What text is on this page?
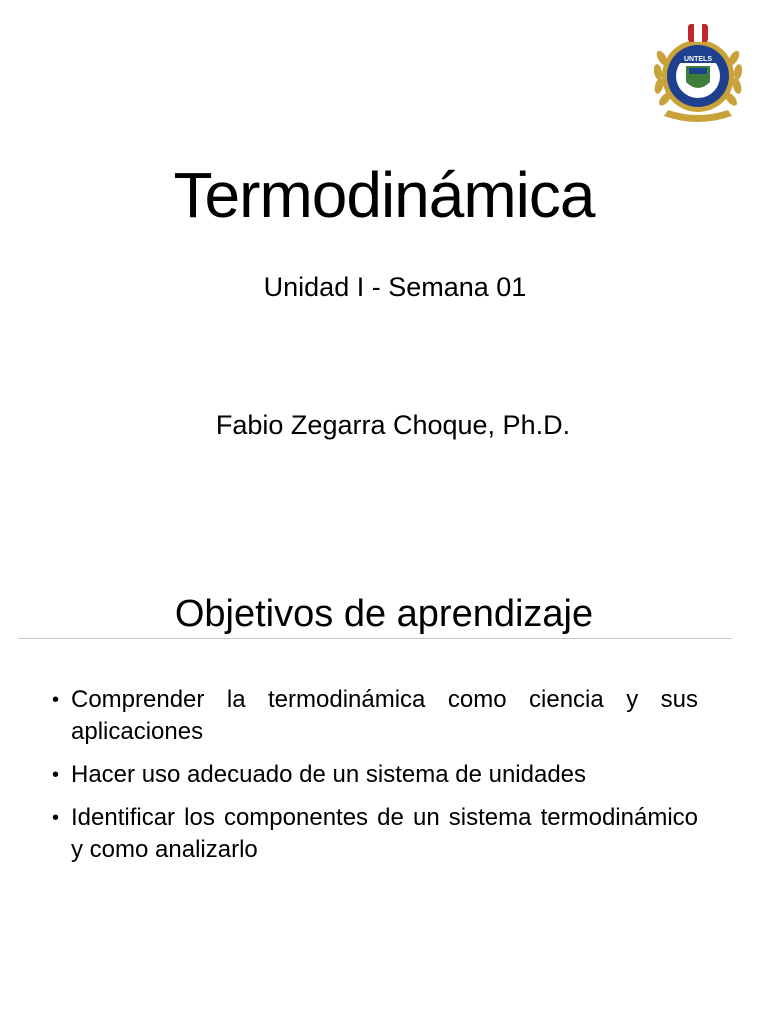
UNTELS
Termodinámica
Unidad I - Semana 01
Fabio Zegarra Choque, Ph.D.
Objetivos de aprendizaje
• Comprender la termodinámica como ciencia y sus aplicaciones
• Hacer uso adecuado de un sistema de unidades
• Identificar los componentes de un sistema termodinámico y como analizarlo
